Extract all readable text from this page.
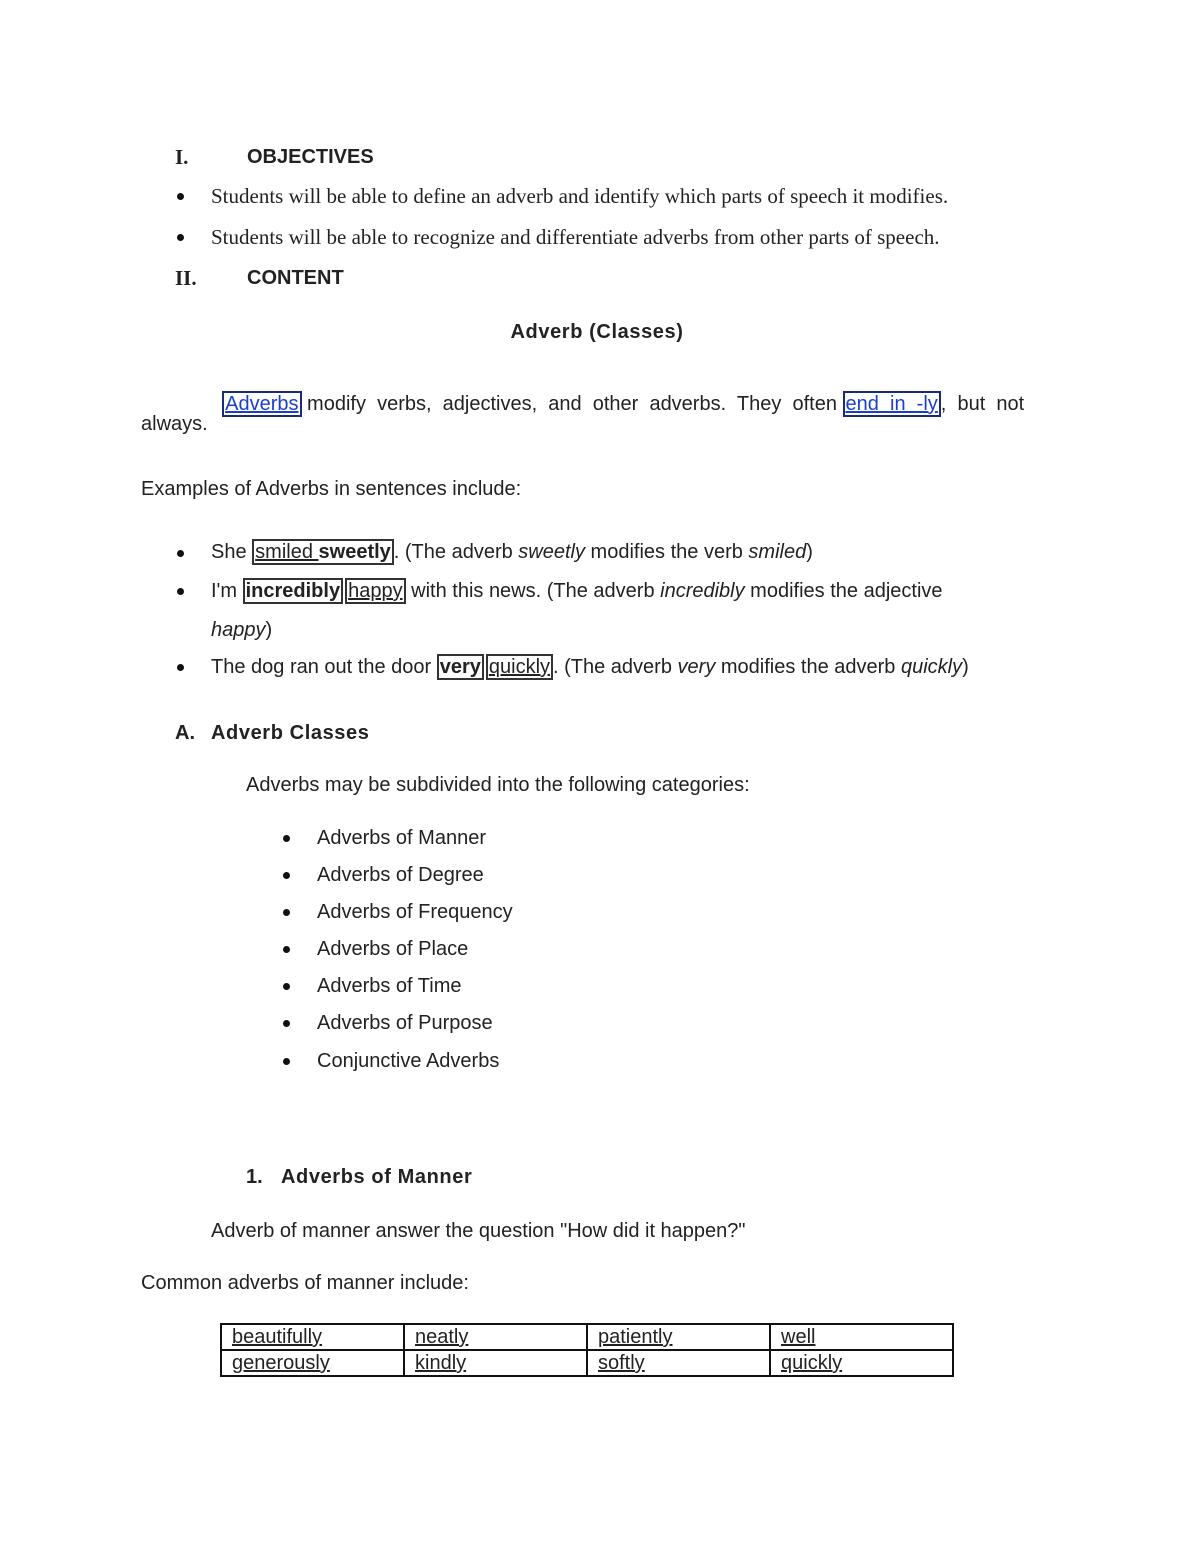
I.	OBJECTIVES
Students will be able to define an adverb and identify which parts of speech it modifies.
Students will be able to recognize and differentiate adverbs from other parts of speech.
II.	CONTENT
Adverb (Classes)

Adverbs modify  verbs,  adjectives,  and  other  adverbs.  They  often end  in  -ly ,  but  not

always.
Examples of Adverbs in sentences include:
She smiled sweetly . (The adverb sweetly modifies the verb smiled)
I'm incredibly happy with this news. (The adverb incredibly modifies the adjective
happy)
The dog ran out the door very quickly . (The adverb very modifies the adverb quickly)
A. Adverb Classes
Adverbs may be subdivided into the following categories:
Adverbs of Manner
Adverbs of Degree
Adverbs of Frequency
Adverbs of Place
Adverbs of Time
Adverbs of Purpose
Conjunctive Adverbs
1. Adverbs of Manner
Adverb of manner answer the question "How did it happen?"
Common adverbs of manner include:
beautifully	neatly	patiently	well
generously	kindly	softly	quickly
